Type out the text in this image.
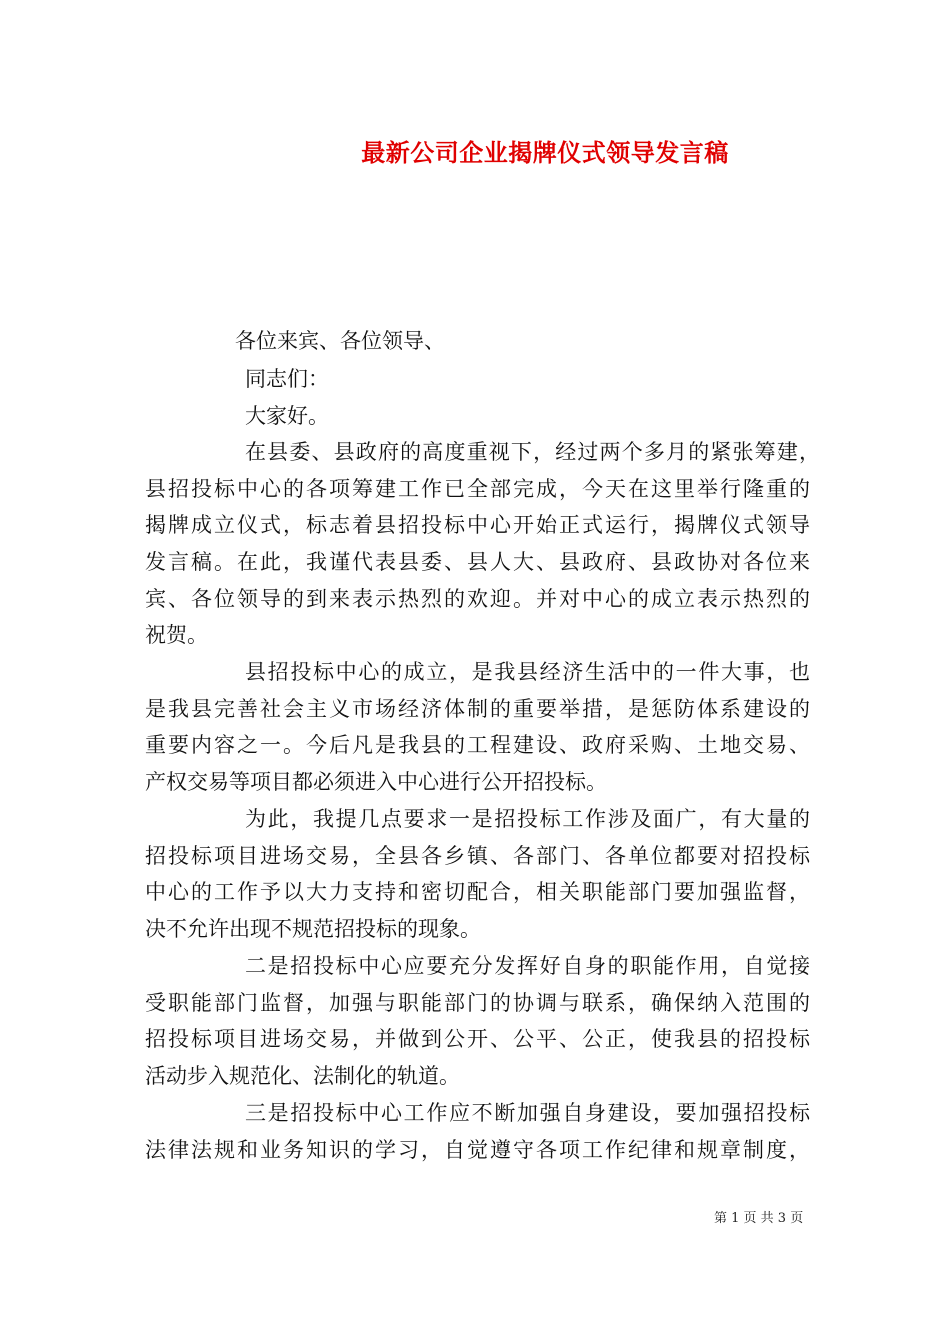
最新公司企业揭牌仪式领导发言稿
各位来宾、各位领导、
同志们：
大家好。
在县委、县政府的高度重视下，经过两个多月的紧张筹建，
县招投标中心的各项筹建工作已全部完成，今天在这里举行隆重的
揭牌成立仪式，标志着县招投标中心开始正式运行，揭牌仪式领导
发言稿。在此，我谨代表县委、县人大、县政府、县政协对各位来
宾、各位领导的到来表示热烈的欢迎。并对中心的成立表示热烈的
祝贺。
县招投标中心的成立，是我县经济生活中的一件大事，也
是我县完善社会主义市场经济体制的重要举措，是惩防体系建设的
重要内容之一。今后凡是我县的工程建设、政府采购、土地交易、
产权交易等项目都必须进入中心进行公开招投标。
为此，我提几点要求一是招投标工作涉及面广，有大量的
招投标项目进场交易，全县各乡镇、各部门、各单位都要对招投标
中心的工作予以大力支持和密切配合，相关职能部门要加强监督，
决不允许出现不规范招投标的现象。
二是招投标中心应要充分发挥好自身的职能作用，自觉接
受职能部门监督，加强与职能部门的协调与联系，确保纳入范围的
招投标项目进场交易，并做到公开、公平、公正，使我县的招投标
活动步入规范化、法制化的轨道。
三是招投标中心工作应不断加强自身建设，要加强招投标
法律法规和业务知识的学习，自觉遵守各项工作纪律和规章制度，
第 1 页 共 3 页
